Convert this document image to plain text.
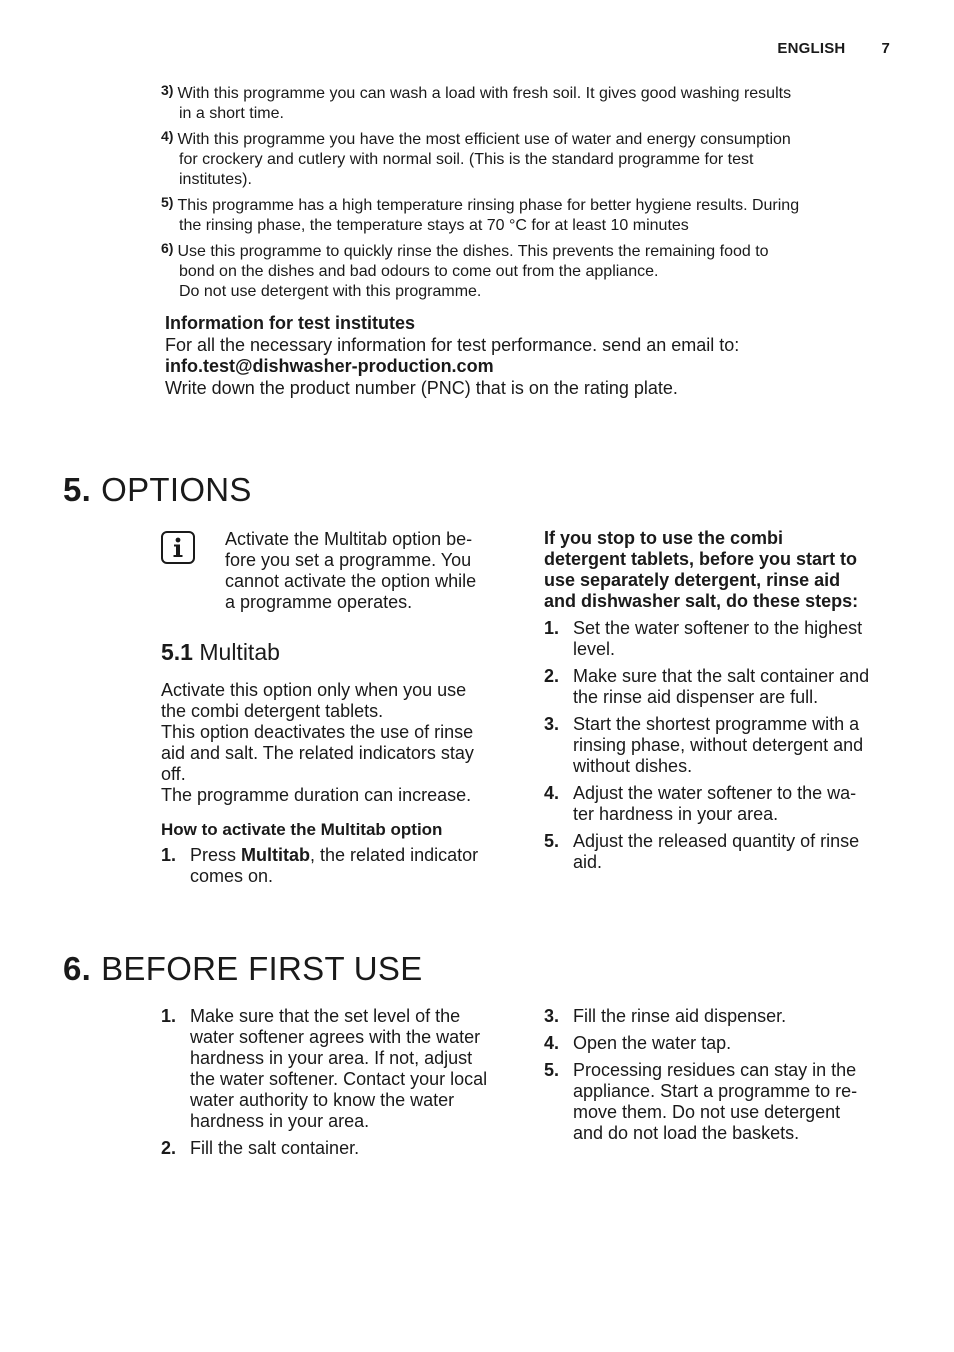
ENGLISH 7
3) With this programme you can wash a load with fresh soil. It gives good washing results
in a short time.
4) With this programme you have the most efficient use of water and energy consumption
for crockery and cutlery with normal soil. (This is the standard programme for test
institutes).
5) This programme has a high temperature rinsing phase for better hygiene results. During
the rinsing phase, the temperature stays at 70 °C for at least 10 minutes
6) Use this programme to quickly rinse the dishes. This prevents the remaining food to
bond on the dishes and bad odours to come out from the appliance.
Do not use detergent with this programme.
Information for test institutes
For all the necessary information for test performance. send an email to:
info.test@dishwasher-production.com
Write down the product number (PNC) that is on the rating plate.
5. OPTIONS
Activate the Multitab option be-
fore you set a programme. You
cannot activate the option while
a programme operates.
5.1 Multitab
Activate this option only when you use
the combi detergent tablets.
This option deactivates the use of rinse
aid and salt. The related indicators stay
off.
The programme duration can increase.
How to activate the Multitab option
1. Press Multitab, the related indicator
comes on.
If you stop to use the combi
detergent tablets, before you start to
use separately detergent, rinse aid
and dishwasher salt, do these steps:
1. Set the water softener to the highest
level.
2. Make sure that the salt container and
the rinse aid dispenser are full.
3. Start the shortest programme with a
rinsing phase, without detergent and
without dishes.
4. Adjust the water softener to the wa-
ter hardness in your area.
5. Adjust the released quantity of rinse
aid.
6. BEFORE FIRST USE
1. Make sure that the set level of the
water softener agrees with the water
hardness in your area. If not, adjust
the water softener. Contact your local
water authority to know the water
hardness in your area.
2. Fill the salt container.
3. Fill the rinse aid dispenser.
4. Open the water tap.
5. Processing residues can stay in the
appliance. Start a programme to re-
move them. Do not use detergent
and do not load the baskets.
